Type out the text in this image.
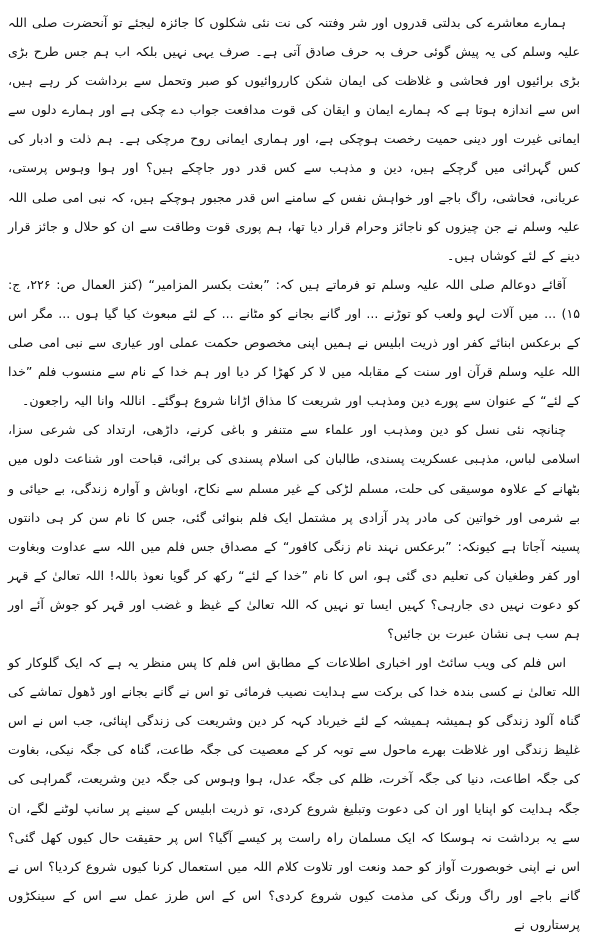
ہمارے معاشرے کی بدلتی قدروں اور شر وفتنہ کی نت نئی شکلوں کا جائزہ لیجئے تو آنحضرت صلی اللہ علیہ وسلم کی یہ پیش گوئی حرف بہ حرف صادق آتی ہے۔ صرف یہی نہیں بلکہ اب ہم جس طرح بڑی بڑی برائیوں اور فحاشی و غلاظت کی ایمان شکن کارروائیوں کو صبر وتحمل سے برداشت کر رہے ہیں، اس سے اندازہ ہوتا ہے کہ ہمارے ایمان و ایقان کی قوت مدافعت جواب دے چکی ہے اور ہمارے دلوں سے ایمانی غیرت اور دینی حمیت رخصت ہوچکی ہے، اور ہماری ایمانی روح مرچکی ہے۔ ہم ذلت و ادبار کی کس گہرائی میں گرچکے ہیں، دین و مذہب سے کس قدر دور جاچکے ہیں؟ اور ہوا وہوس پرستی، عریانی، فحاشی، راگ باجے اور خواہش نفس کے سامنے اس قدر مجبور ہوچکے ہیں، کہ نبی امی صلی اللہ علیہ وسلم نے جن چیزوں کو ناجائز وحرام قرار دیا تھا، ہم پوری قوت وطاقت سے ان کو حلال و جائز قرار دینے کے لئے کوشاں ہیں۔

آقائے دوعالم صلی اللہ علیہ وسلم تو فرماتے ہیں کہ: ”بعثت بکسر المزامیر“ (کنز العمال ص: ۲۲۶، ج: ۱۵) ... میں آلات لہو ولعب کو توڑنے ... اور گانے بجانے کو مٹانے ... کے لئے مبعوث کیا گیا ہوں ... مگر اس کے برعکس ابنائے کفر اور ذریت ابلیس نے ہمیں اپنی مخصوص حکمت عملی اور عیاری سے نبی امی صلی اللہ علیہ وسلم قرآن اور سنت کے مقابلہ میں لا کر کھڑا کر دیا اور ہم خدا کے نام سے منسوب فلم ”خدا کے لئے“ کے عنوان سے پورے دین ومذہب اور شریعت کا مذاق اڑانا شروع ہوگئے۔ اناللہ وانا الیہ راجعون۔

چنانچہ نئی نسل کو دین ومذہب اور علماء سے متنفر و باغی کرنے، داڑھی، ارتداد کی شرعی سزا، اسلامی لباس، مذہبی عسکریت پسندی، طالبان کی اسلام پسندی کی برائی، قباحت اور شناعت دلوں میں بٹھانے کے علاوہ موسیقی کی حلت، مسلم لڑکی کے غیر مسلم سے نکاح، اوباش و آوارہ زندگی، بے حیائی و بے شرمی اور خواتین کی مادر پدر آزادی پر مشتمل ایک فلم بنوائی گئی، جس کا نام سن کر ہی دانتوں پسینہ آجاتا ہے کیونکہ: ”برعکس نہند نام زنگی کافور“ کے مصداق جس فلم میں اللہ سے عداوت وبغاوت اور کفر وطغیان کی تعلیم دی گئی ہو، اس کا نام ”خدا کے لئے“ رکھ کر گویا نعوذ باللہ! اللہ تعالیٰ کے قہر کو دعوت نہیں دی جارہی؟ کہیں ایسا تو نہیں کہ اللہ تعالیٰ کے غیظ و غضب اور قہر کو جوش آئے اور ہم سب ہی نشان عبرت بن جائیں؟

اس فلم کی ویب سائٹ اور اخباری اطلاعات کے مطابق اس فلم کا پس منظر یہ ہے کہ ایک گلوکار کو اللہ تعالیٰ نے کسی بندہ خدا کی برکت سے ہدایت نصیب فرمائی تو اس نے گانے بجانے اور ڈھول تماشے کی گناہ آلود زندگی کو ہمیشہ ہمیشہ کے لئے خیرباد کہہ کر دین وشریعت کی زندگی اپنائی، جب اس نے اس غلیظ زندگی اور غلاظت بھرے ماحول سے توبہ کر کے معصیت کی جگہ طاعت، گناہ کی جگہ نیکی، بغاوت کی جگہ اطاعت، دنیا کی جگہ آخرت، ظلم کی جگہ عدل، ہوا وہوس کی جگہ دین وشریعت، گمراہی کی جگہ ہدایت کو اپنایا اور ان کی دعوت وتبلیغ شروع کردی، تو ذریت ابلیس کے سینے پر سانپ لوٹنے لگے، ان سے یہ برداشت نہ ہوسکا کہ ایک مسلمان راہ راست پر کیسے آگیا؟ اس پر حقیقت حال کیوں کھل گئی؟ اس نے اپنی خوبصورت آواز کو حمد ونعت اور تلاوت کلام اللہ میں استعمال کرنا کیوں شروع کردیا؟ اس نے گانے باجے اور راگ ورنگ کی مذمت کیوں شروع کردی؟ اس کے اس طرز عمل سے اس کے سینکڑوں پرستاروں نے
